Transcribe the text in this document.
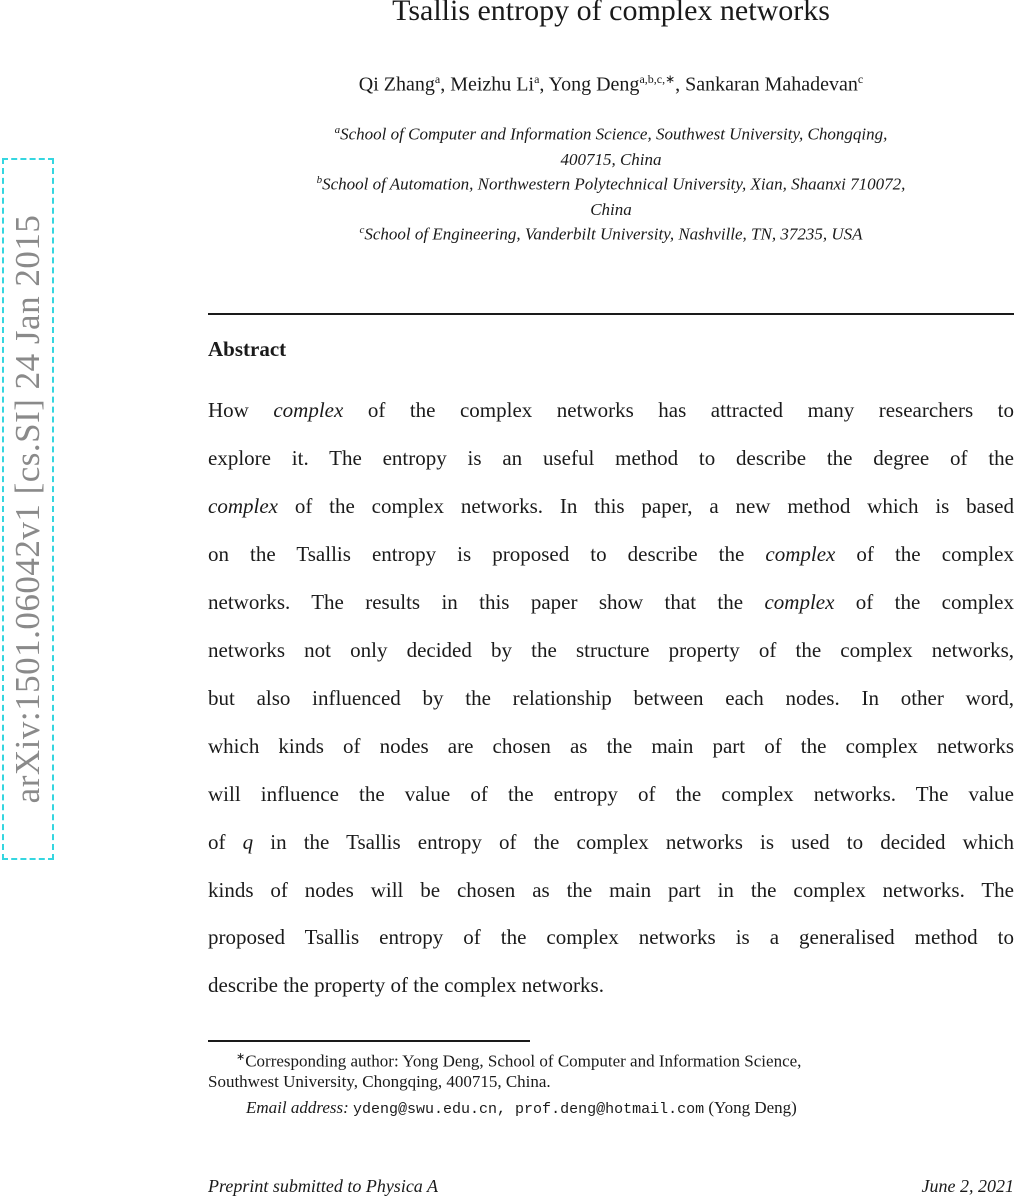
arXiv:1501.06042v1 [cs.SI] 24 Jan 2015
Tsallis entropy of complex networks
Qi Zhang$^a$, Meizhu Li$^a$, Yong Deng$^{a,b,c,∗}$, Sankaran Mahadevan$^c$
$^a$School of Computer and Information Science, Southwest University, Chongqing,
400715, China
$^b$School of Automation, Northwestern Polytechnical University, Xian, Shaanxi 710072,
China
$^c$School of Engineering, Vanderbilt University, Nashville, TN, 37235, USA
Abstract
How complex of the complex networks has attracted many researchers to
explore it. The entropy is an useful method to describe the degree of the
complex of the complex networks. In this paper, a new method which is based
on the Tsallis entropy is proposed to describe the complex of the complex
networks. The results in this paper show that the complex of the complex
networks not only decided by the structure property of the complex networks,
but also influenced by the relationship between each nodes. In other word,
which kinds of nodes are chosen as the main part of the complex networks
will influence the value of the entropy of the complex networks. The value
of q in the Tsallis entropy of the complex networks is used to decided which
kinds of nodes will be chosen as the main part in the complex networks. The
proposed Tsallis entropy of the complex networks is a generalised method to
describe the property of the complex networks.
∗Corresponding author: Yong Deng, School of Computer and Information Science,
Southwest University, Chongqing, 400715, China.
Email address: ydeng@swu.edu.cn, prof.deng@hotmail.com (Yong Deng)
Preprint submitted to Physica A	June 2, 2021
